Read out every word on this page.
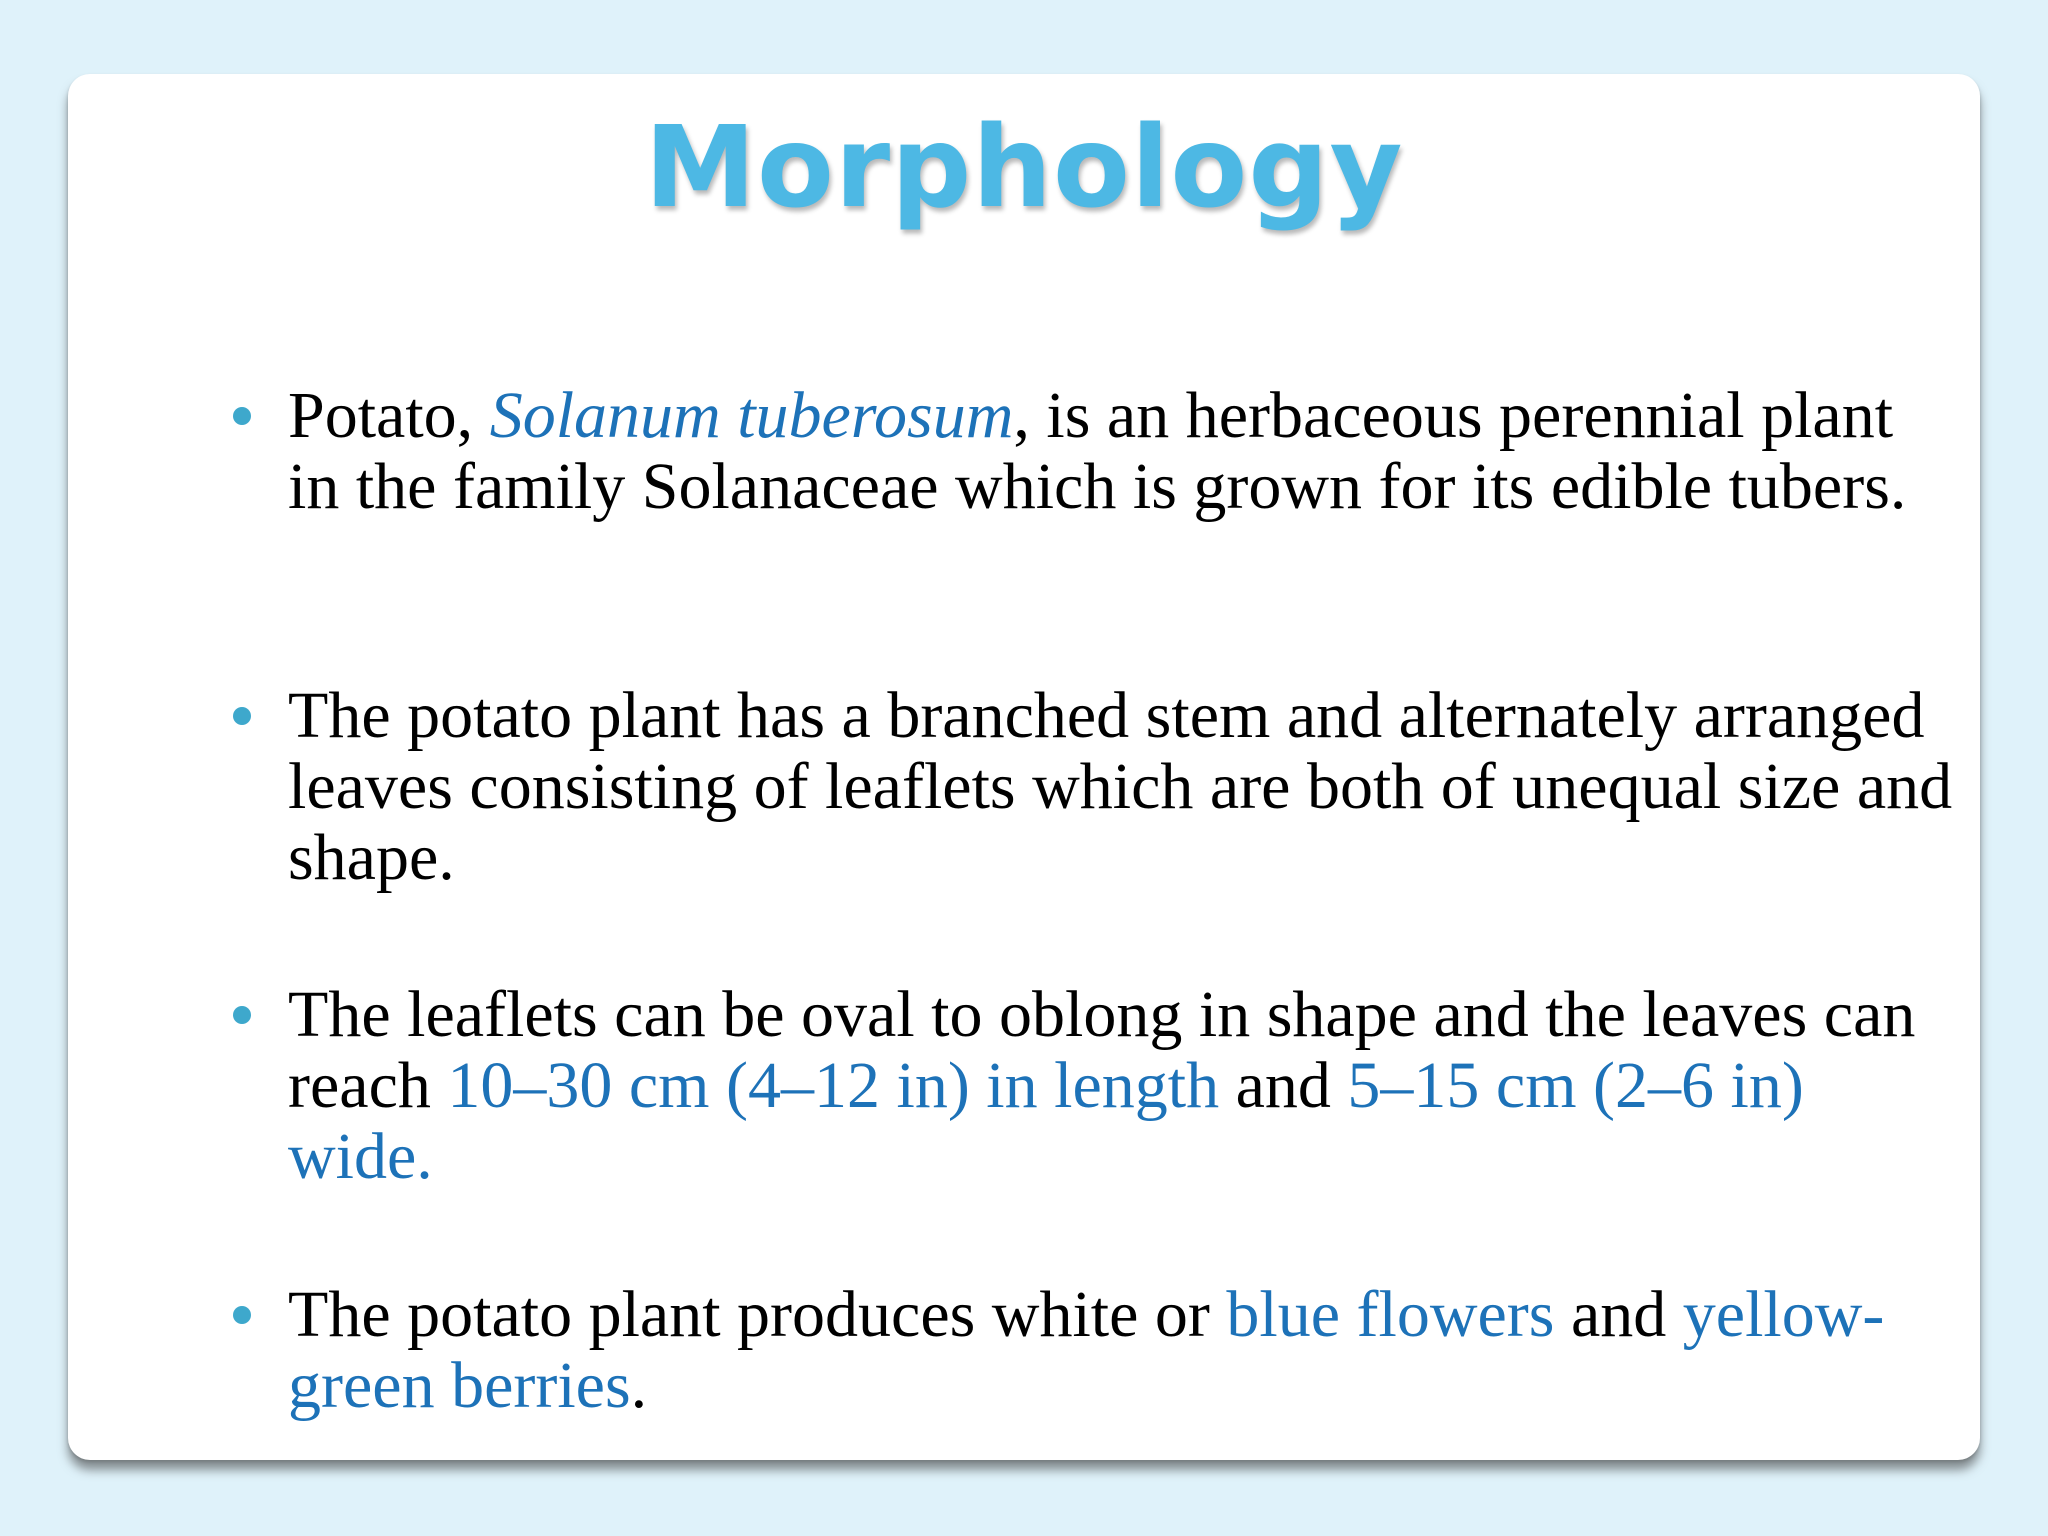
Morphology
Potato, Solanum tuberosum, is an herbaceous perennial plant in the family Solanaceae which is grown for its edible tubers.
The potato plant has a branched stem and alternately arranged leaves consisting of leaflets which are both of unequal size and shape.
The leaflets can be oval to oblong in shape and the leaves can reach 10–30 cm (4–12 in) in length and 5–15 cm (2–6 in) wide.
The potato plant produces white or blue flowers and yellow-green berries.
